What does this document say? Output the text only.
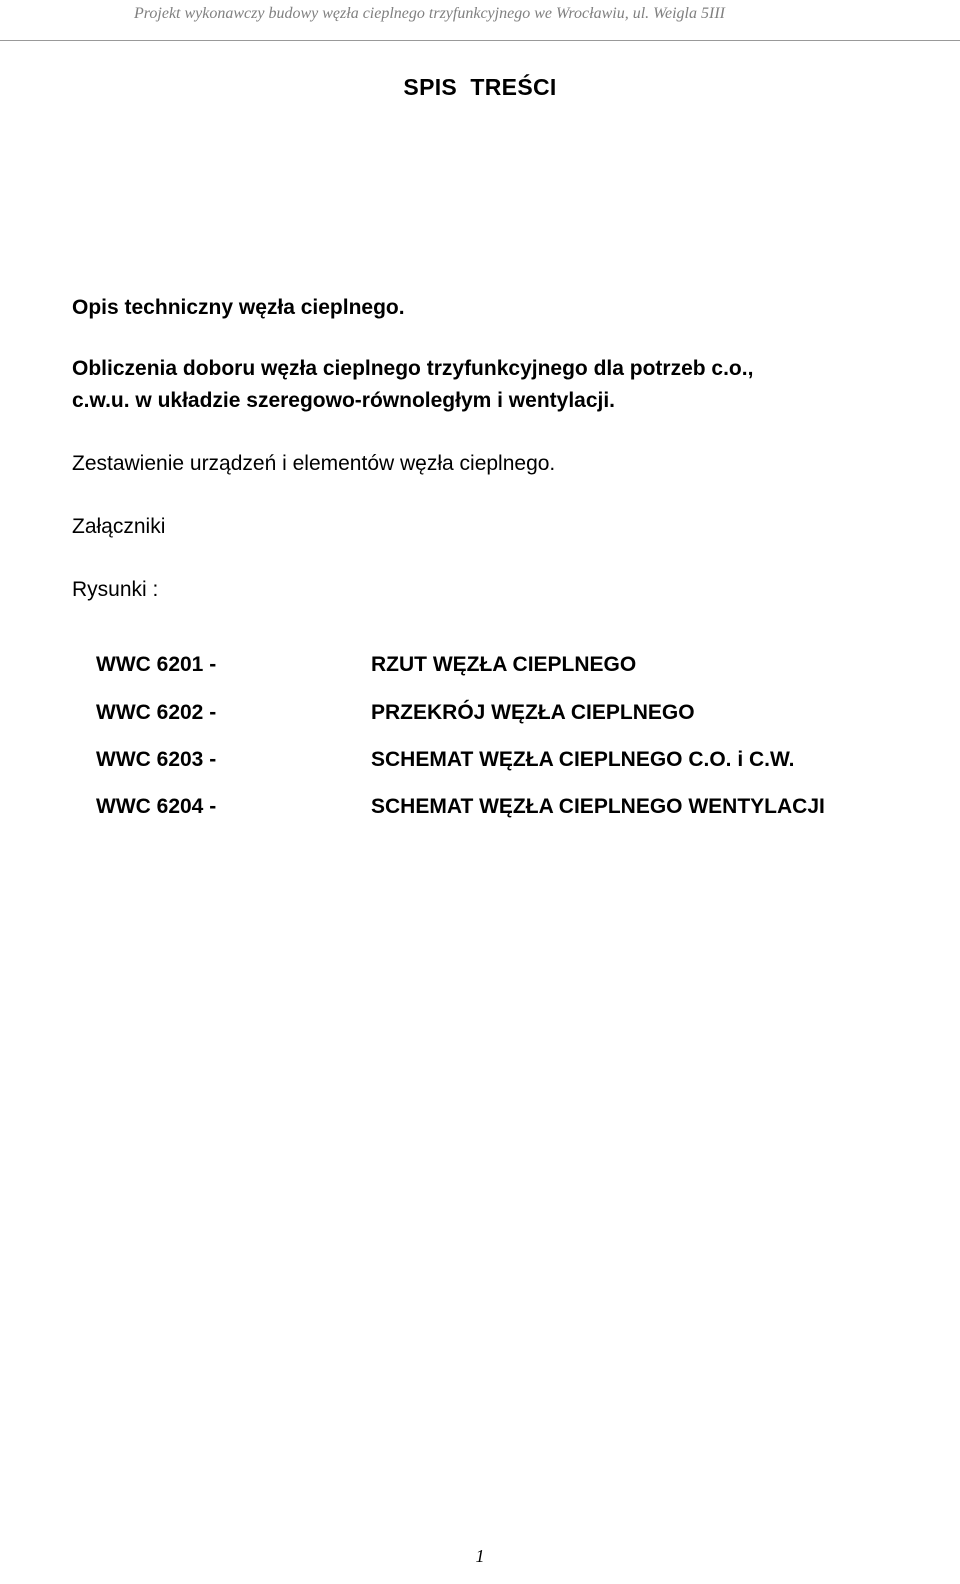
Projekt wykonawczy budowy węzła cieplnego trzyfunkcyjnego we Wrocławiu, ul. Weigla 5III
SPIS  TREŚCI
Opis techniczny węzła cieplnego.
Obliczenia doboru węzła cieplnego trzyfunkcyjnego dla potrzeb c.o.,
c.w.u. w układzie szeregowo-równoległym i wentylacji.
Zestawienie urządzeń i elementów węzła cieplnego.
Załączniki
Rysunki :
WWC 6201 -	RZUT WĘZŁA CIEPLNEGO
WWC 6202 -	PRZEKRÓJ WĘZŁA CIEPLNEGO
WWC 6203 -	SCHEMAT WĘZŁA CIEPLNEGO C.O. i C.W.
WWC 6204 -	SCHEMAT WĘZŁA CIEPLNEGO WENTYLACJI
1
